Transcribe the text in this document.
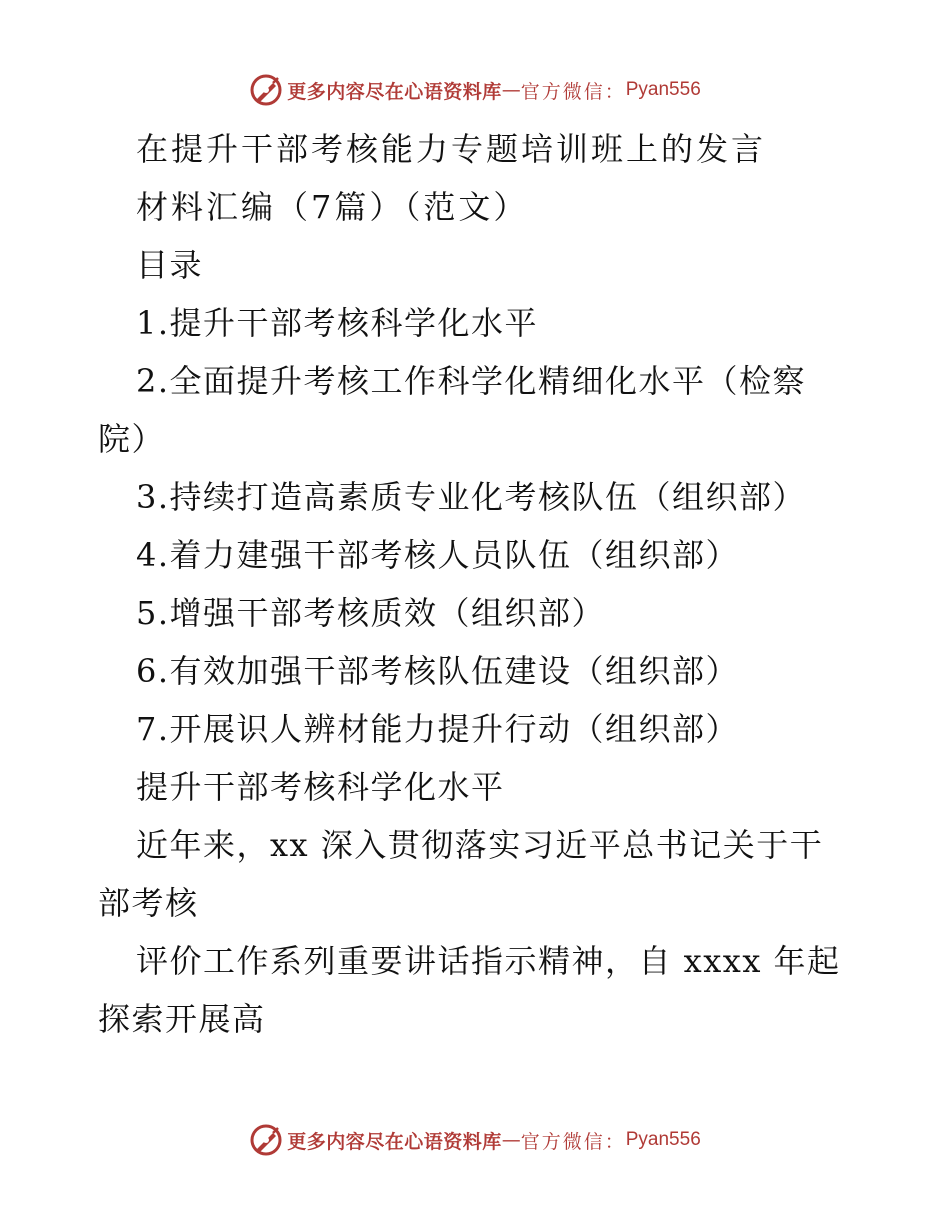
更多内容尽在心语资料库 — 官方微信： Pyan556
在提升干部考核能力专题培训班上的发言
材料汇编（7篇）（范文）
目录
1.提升干部考核科学化水平
2.全面提升考核工作科学化精细化水平（检察
院）
3.持续打造高素质专业化考核队伍（组织部）
4.着力建强干部考核人员队伍（组织部）
5.增强干部考核质效（组织部）
6.有效加强干部考核队伍建设（组织部）
7.开展识人辨材能力提升行动（组织部）
提升干部考核科学化水平
近年来，xx 深入贯彻落实习近平总书记关于干
部考核
评价工作系列重要讲话指示精神，自 xxxx 年起
探索开展高
更多内容尽在心语资料库 — 官方微信： Pyan556
